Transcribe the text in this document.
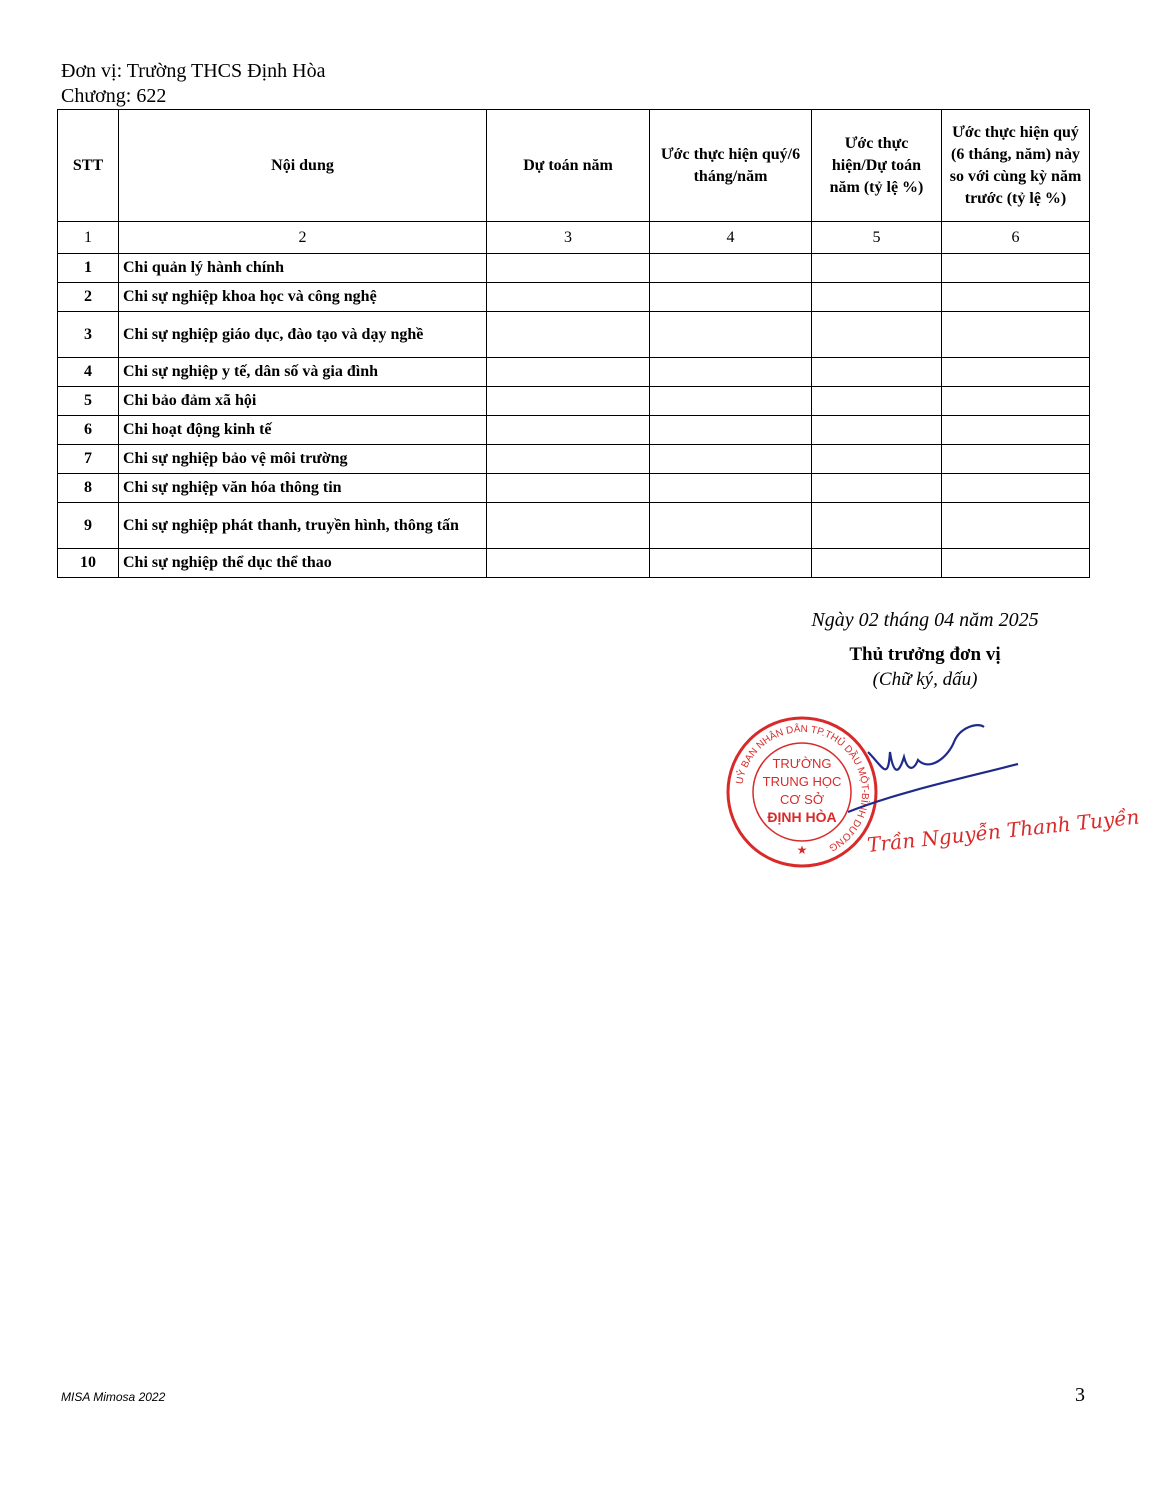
Đơn vị: Trường THCS Định Hòa
Chương: 622
STT	Nội dung	Dự toán năm	Ước thực hiện quý/6 tháng/năm	Ước thực hiện/Dự toán năm (tỷ lệ %)	Ước thực hiện quý (6 tháng, năm) này so với cùng kỳ năm trước (tỷ lệ %)
1	2	3	4	5	6
1	Chi quản lý hành chính				
2	Chi sự nghiệp khoa học và công nghệ				
3	Chi sự nghiệp giáo dục, đào tạo và dạy nghề				
4	Chi sự nghiệp y tế, dân số và gia đình				
5	Chi bảo đảm xã hội				
6	Chi hoạt động kinh tế				
7	Chi sự nghiệp bảo vệ môi trường				
8	Chi sự nghiệp văn hóa thông tin				
9	Chi sự nghiệp phát thanh, truyền hình, thông tấn				
10	Chi sự nghiệp thể dục thể thao				
Ngày 02 tháng 04 năm 2025
Thủ trưởng đơn vị
(Chữ ký, dấu)
UỶ BAN NHÂN DÂN TP.THỦ DẦU MỘT-BÌNH DƯƠNG
TRƯỜNG
TRUNG HỌC
CƠ SỞ
ĐỊNH HÒA
★	Trần Nguyễn Thanh Tuyền
MISA Mimosa 2022	3
